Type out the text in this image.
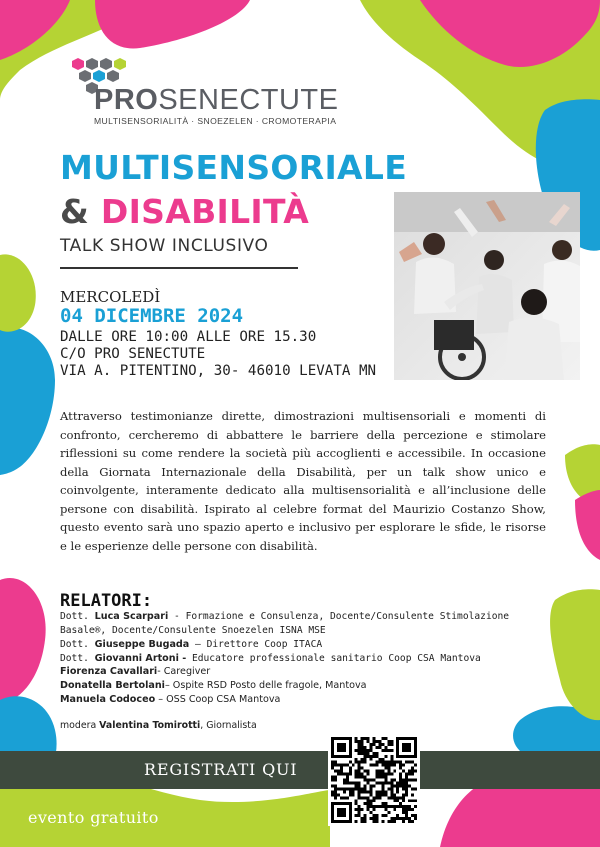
PROSENECTUTE
MULTISENSORIALITÀ · SNOEZELEN · CROMOTERAPIA
MULTISENSORIALE
& DISABILITÀ
TALK SHOW INCLUSIVO
MERCOLEDÌ
04 DICEMBRE 2024
DALLE ORE 10:00 ALLE ORE 15.30
C/O PRO SENECTUTE
VIA A. PITENTINO, 30- 46010 LEVATA MN

Attraverso testimonianze dirette, dimostrazioni multisensoriali e momenti di confronto, cercheremo di abbattere le barriere della percezione e stimolare riflessioni su come rendere la società più accoglienti e accessibile. In occasione della Giornata Internazionale della Disabilità, per un talk show unico e coinvolgente, interamente dedicato alla multisensorialità e all’inclusione delle persone con disabilità. Ispirato al celebre format del Maurizio Costanzo Show, questo evento sarà uno spazio aperto e inclusivo per esplorare le sfide, le risorse e le esperienze delle persone con disabilità.

RELATORI:
Dott. Luca Scarpari - Formazione e Consulenza, Docente/Consulente Stimolazione
Basale®, Docente/Consulente Snoezelen ISNA MSE
Dott. Giuseppe Bugada – Direttore Coop ITACA
Dott. Giovanni Artoni - Educatore professionale sanitario Coop CSA Mantova
Fiorenza Cavallari- Caregiver
Donatella Bertolani– Ospite RSD Posto delle fragole, Mantova
Manuela Codoceo – OSS Coop CSA Mantova
modera Valentina Tomirotti, Giornalista
REGISTRATI QUI
evento gratuito
